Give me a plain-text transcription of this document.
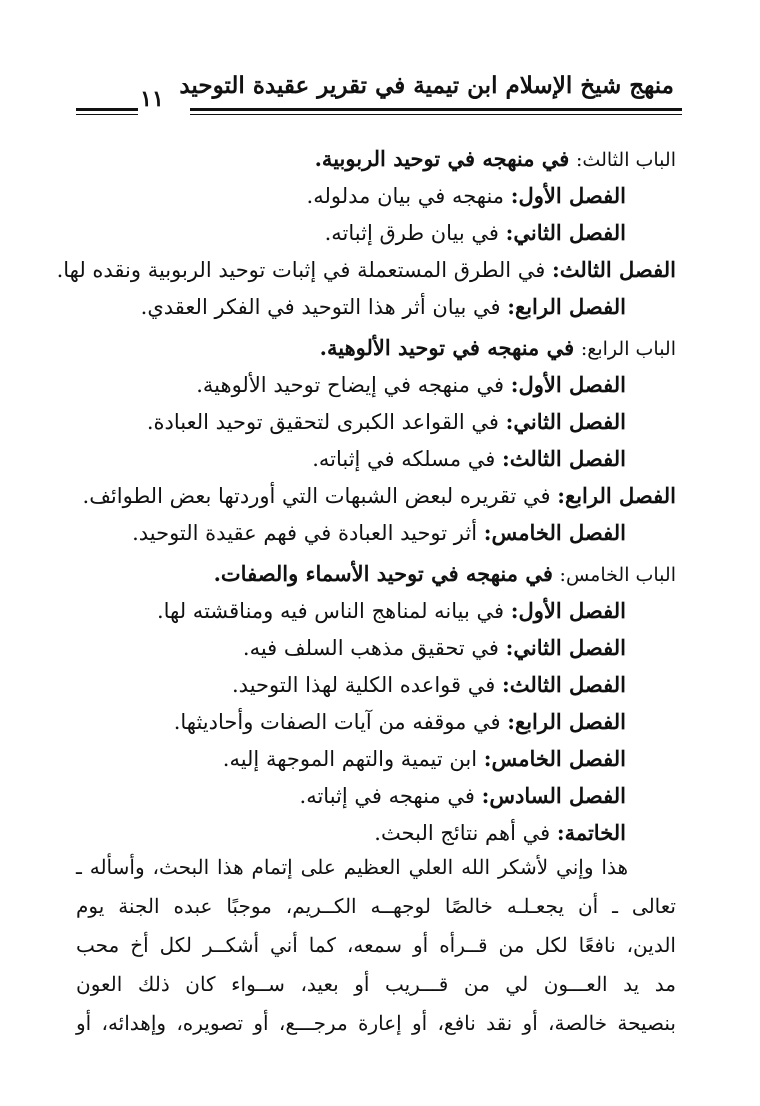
منهج شيخ الإسلام ابن تيمية في تقرير عقيدة التوحيد
١١
الباب الثالث: في منهجه في توحيد الربوبية.
الفصل الأول: منهجه في بيان مدلوله.
الفصل الثاني: في بيان طرق إثباته.
الفصل الثالث: في الطرق المستعملة في إثبات توحيد الربوبية ونقده لها.
الفصل الرابع: في بيان أثر هذا التوحيد في الفكر العقدي.
الباب الرابع: في منهجه في توحيد الألوهية.
الفصل الأول: في منهجه في إيضاح توحيد الألوهية.
الفصل الثاني: في القواعد الكبرى لتحقيق توحيد العبادة.
الفصل الثالث: في مسلكه في إثباته.
الفصل الرابع: في تقريره لبعض الشبهات التي أوردتها بعض الطوائف.
الفصل الخامس: أثر توحيد العبادة في فهم عقيدة التوحيد.
الباب الخامس: في منهجه في توحيد الأسماء والصفات.
الفصل الأول: في بيانه لمناهج الناس فيه ومناقشته لها.
الفصل الثاني: في تحقيق مذهب السلف فيه.
الفصل الثالث: في قواعده الكلية لهذا التوحيد.
الفصل الرابع: في موقفه من آيات الصفات وأحاديثها.
الفصل الخامس: ابن تيمية والتهم الموجهة إليه.
الفصل السادس: في منهجه في إثباته.
الخاتمة: في أهم نتائج البحث.
هذا وإني لأشكر الله العلي العظيم على إتمام هذا البحث، وأسأله ـ
تعالى ـ أن يجعـلـه خالصًا لوجهــه الكــريم، موجبًا عبده الجنة يوم
الدين، نافعًا لكل من قــرأه أو سمعه، كما أني أشكــر لكل أخ محب
مد يد العـــون لي من قـــريب أو بعيد، ســواء كان ذلك العون
بنصيحة خالصة، أو نقد نافع، أو إعارة مرجـــع، أو تصويره، وإهدائه، أو
